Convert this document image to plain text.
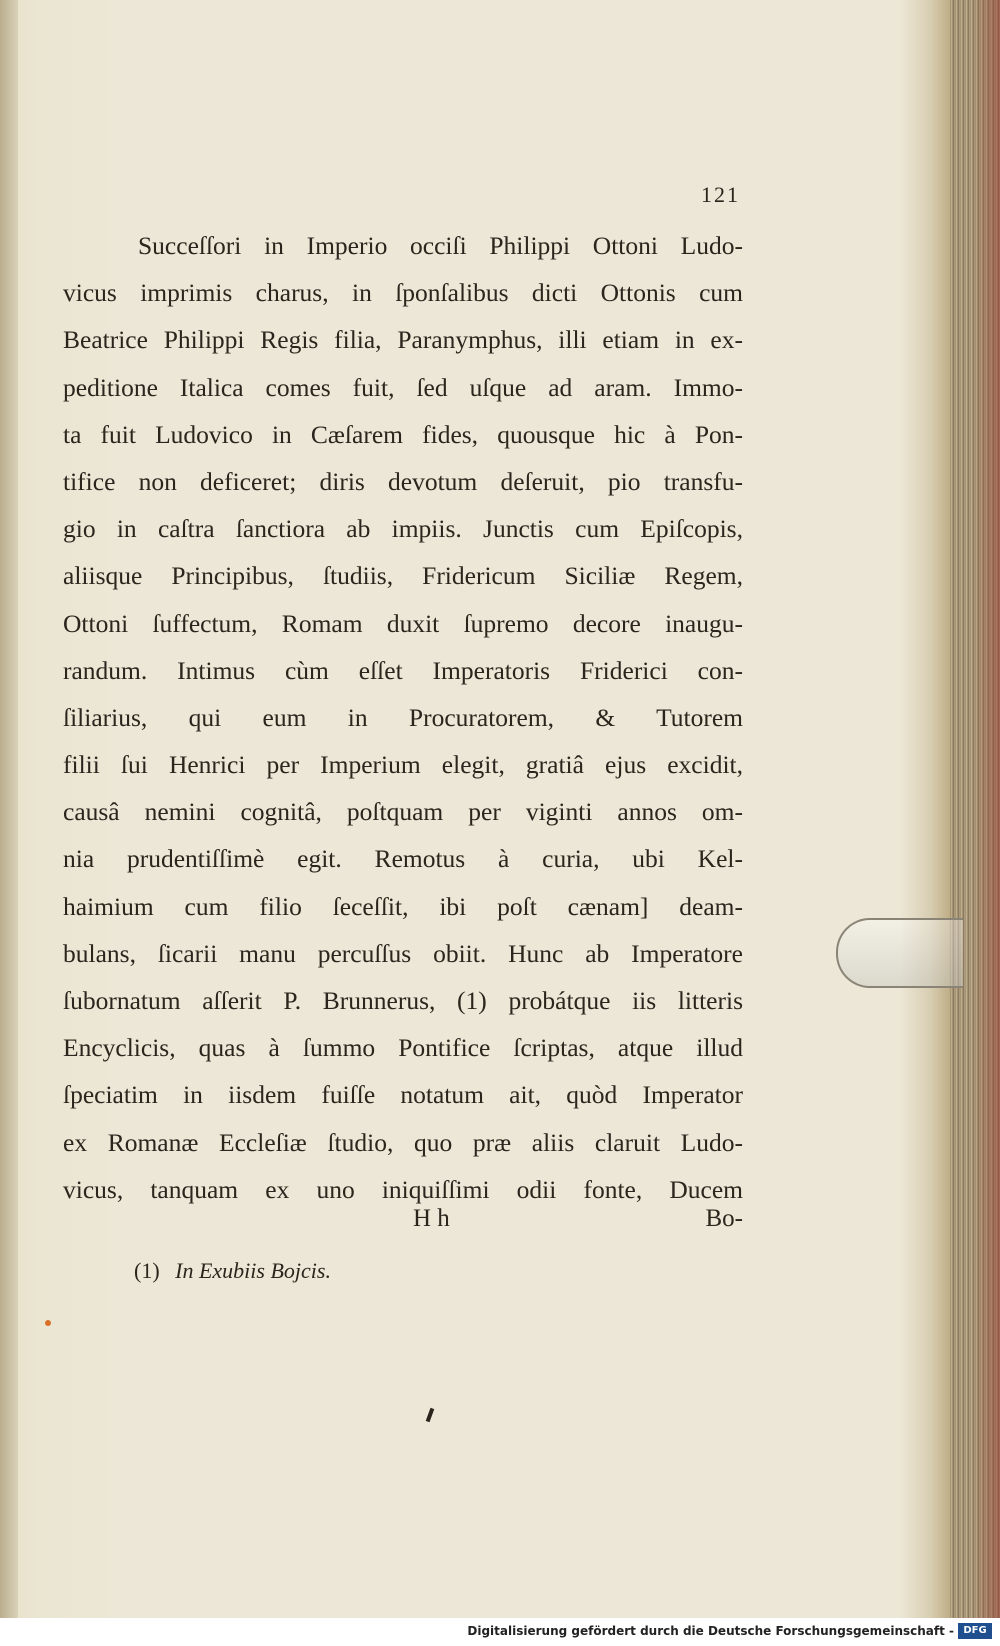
121
Succeſſori in Imperio occiſi Philippi Ottoni Ludo-
vicus imprimis charus, in ſponſalibus dicti Ottonis cum
Beatrice Philippi Regis filia, Paranymphus, illi etiam in ex-
peditione Italica comes fuit, ſed uſque ad aram. Immo-
ta fuit Ludovico in Cæſarem fides, quousque hic à Pon-
tifice non deficeret; diris devotum deſeruit, pio transfu-
gio in caſtra ſanctiora ab impiis. Junctis cum Epiſcopis,
aliisque Principibus, ſtudiis, Fridericum Siciliæ Regem,
Ottoni ſuffectum, Romam duxit ſupremo decore inaugu-
randum. Intimus cùm eſſet Imperatoris Friderici con-
ſiliarius, qui eum in Procuratorem, & Tutorem
filii ſui Henrici per Imperium elegit, gratiâ ejus excidit,
causâ nemini cognitâ, poſtquam per viginti annos om-
nia prudentiſſimè egit. Remotus à curia, ubi Kel-
haimium cum filio ſeceſſit, ibi poſt cænam] deam-
bulans, ſicarii manu percuſſus obiit. Hunc ab Imperatore
ſubornatum aſſerit P. Brunnerus, (1) probátque iis litteris
Encyclicis, quas à ſummo Pontifice ſcriptas, atque illud
ſpeciatim in iisdem fuiſſe notatum ait, quòd Imperator
ex Romanæ Eccleſiæ ſtudio, quo præ aliis claruit Ludo-
vicus, tanquam ex uno iniquiſſimi odii fonte, Ducem
H h	Bo-
(1) In Exubiis Bojcis.
Digitalisierung gefördert durch die Deutsche Forschungsgemeinschaft - DFG
